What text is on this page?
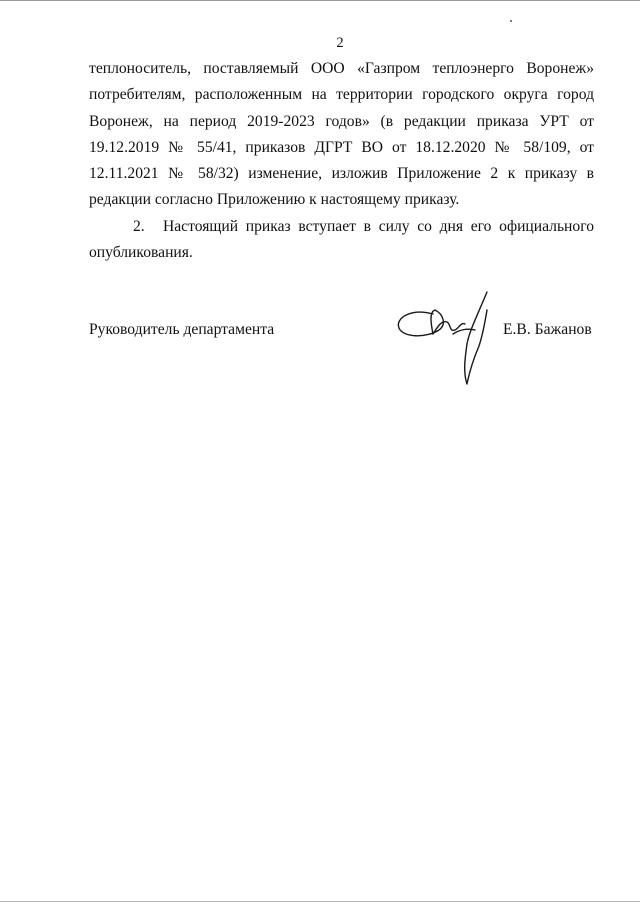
2

теплоноситель, поставляемый ООО «Газпром теплоэнерго Воронеж» потребителям, расположенным на территории городского округа город Воронеж, на период 2019-2023 годов» (в редакции приказа УРТ от 19.12.2019 № 55/41, приказов ДГРТ ВО от 18.12.2020 № 58/109, от 12.11.2021 № 58/32) изменение, изложив Приложение 2 к приказу в редакции согласно Приложению к настоящему приказу.

2. Настоящий приказ вступает в силу со дня его официального опубликования.

Руководитель департамента	Е.В. Бажанов
